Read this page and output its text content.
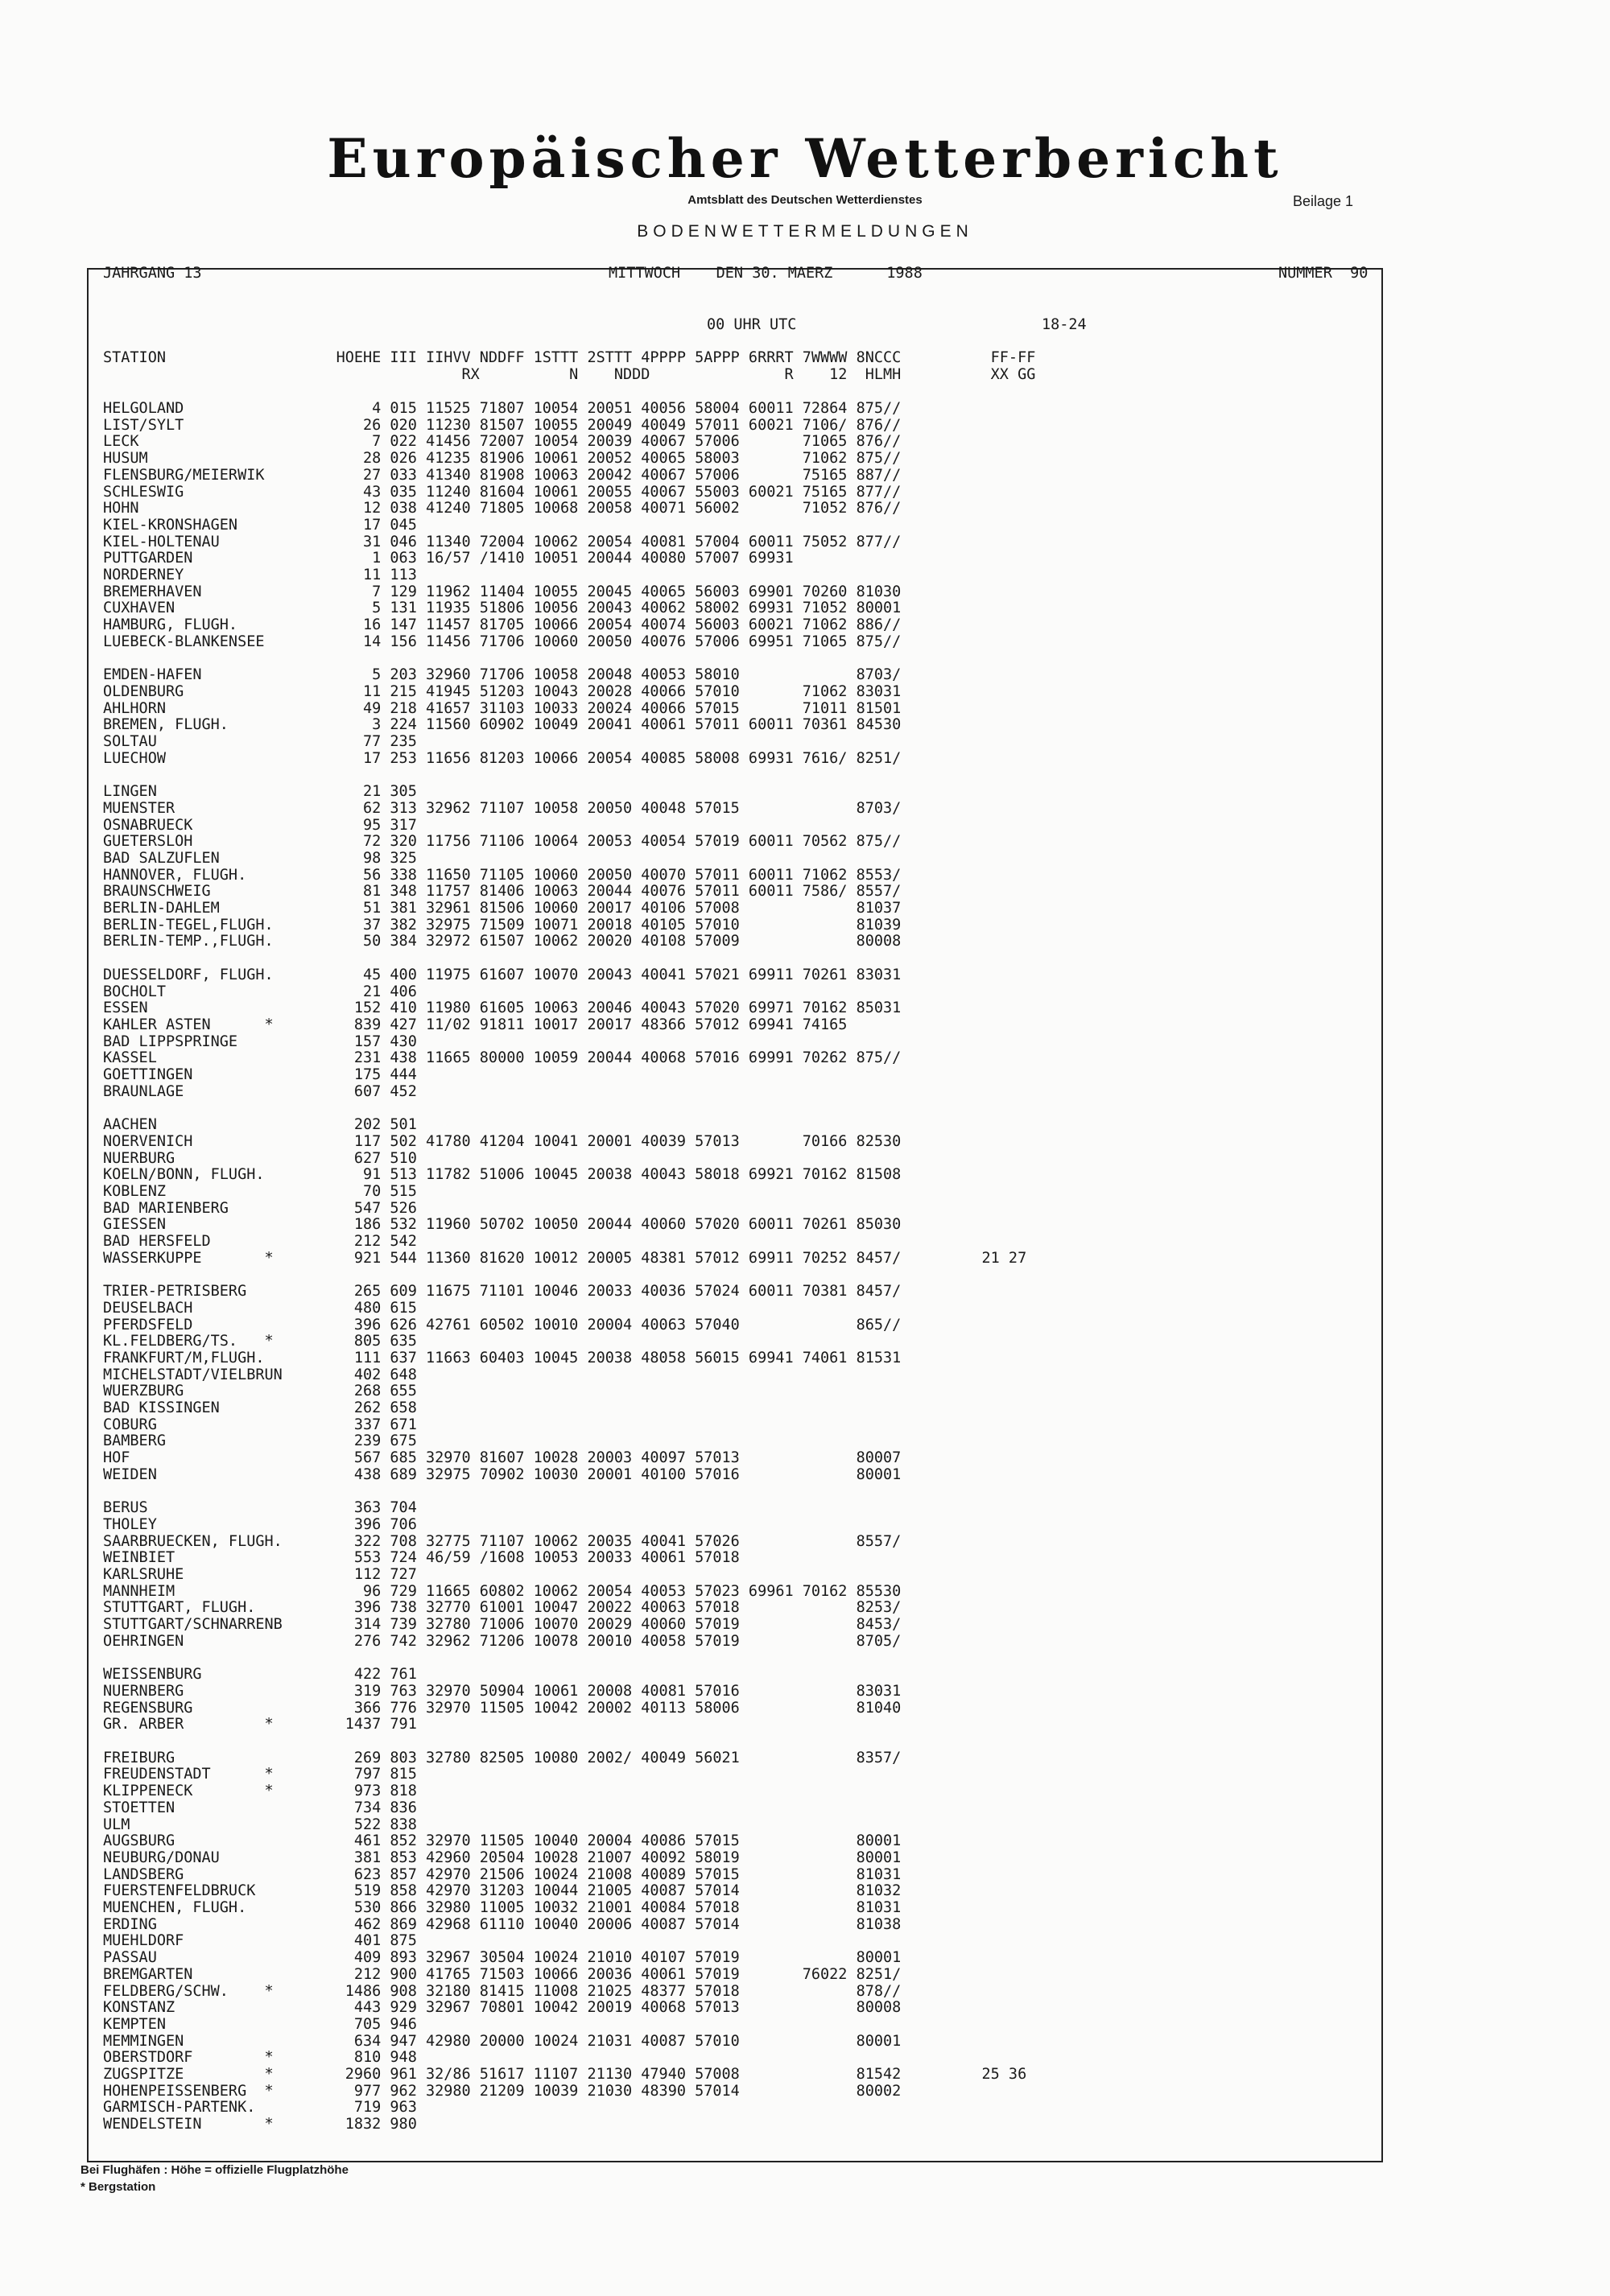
Europäischer Wetterbericht
Amtsblatt des Deutschen Wetterdienstes	Beilage 1
BODENWETTERMELDUNGEN
JAHRGANG 13	MITTWOCH    DEN 30. MAERZ      1988	NUMMER  90
00 UHR UTC	18-24
STATION                   HOEHE III IIHVV NDDFF 1STTT 2STTT 4PPPP 5APPP 6RRRT 7WWWW 8NCCC          FF-FF
RX          N    NDDD               R    12  HLMH          XX GG
HELGOLAND                     4 015 11525 71807 10054 20051 40056 58004 60011 72864 875//
LIST/SYLT                    26 020 11230 81507 10055 20049 40049 57011 60021 7106/ 876//
LECK                          7 022 41456 72007 10054 20039 40067 57006       71065 876//
HUSUM                        28 026 41235 81906 10061 20052 40065 58003       71062 875//
FLENSBURG/MEIERWIK           27 033 41340 81908 10063 20042 40067 57006       75165 887//
SCHLESWIG                    43 035 11240 81604 10061 20055 40067 55003 60021 75165 877//
HOHN                         12 038 41240 71805 10068 20058 40071 56002       71052 876//
KIEL-KRONSHAGEN              17 045
KIEL-HOLTENAU                31 046 11340 72004 10062 20054 40081 57004 60011 75052 877//
PUTTGARDEN                    1 063 16/57 /1410 10051 20044 40080 57007 69931
NORDERNEY                    11 113
BREMERHAVEN                   7 129 11962 11404 10055 20045 40065 56003 69901 70260 81030
CUXHAVEN                      5 131 11935 51806 10056 20043 40062 58002 69931 71052 80001
HAMBURG, FLUGH.              16 147 11457 81705 10066 20054 40074 56003 60021 71062 886//
LUEBECK-BLANKENSEE           14 156 11456 71706 10060 20050 40076 57006 69951 71065 875//
EMDEN-HAFEN                   5 203 32960 71706 10058 20048 40053 58010             8703/
OLDENBURG                    11 215 41945 51203 10043 20028 40066 57010       71062 83031
AHLHORN                      49 218 41657 31103 10033 20024 40066 57015       71011 81501
BREMEN, FLUGH.                3 224 11560 60902 10049 20041 40061 57011 60011 70361 84530
SOLTAU                       77 235
LUECHOW                      17 253 11656 81203 10066 20054 40085 58008 69931 7616/ 8251/
LINGEN                       21 305
MUENSTER                     62 313 32962 71107 10058 20050 40048 57015             8703/
OSNABRUECK                   95 317
GUETERSLOH                   72 320 11756 71106 10064 20053 40054 57019 60011 70562 875//
BAD SALZUFLEN                98 325
HANNOVER, FLUGH.             56 338 11650 71105 10060 20050 40070 57011 60011 71062 8553/
BRAUNSCHWEIG                 81 348 11757 81406 10063 20044 40076 57011 60011 7586/ 8557/
BERLIN-DAHLEM                51 381 32961 81506 10060 20017 40106 57008             81037
BERLIN-TEGEL,FLUGH.          37 382 32975 71509 10071 20018 40105 57010             81039
BERLIN-TEMP.,FLUGH.          50 384 32972 61507 10062 20020 40108 57009             80008
DUESSELDORF, FLUGH.          45 400 11975 61607 10070 20043 40041 57021 69911 70261 83031
BOCHOLT                      21 406
ESSEN                       152 410 11980 61605 10063 20046 40043 57020 69971 70162 85031
KAHLER ASTEN      *         839 427 11/02 91811 10017 20017 48366 57012 69941 74165
BAD LIPPSPRINGE             157 430
KASSEL                      231 438 11665 80000 10059 20044 40068 57016 69991 70262 875//
GOETTINGEN                  175 444
BRAUNLAGE                   607 452
AACHEN                      202 501
NOERVENICH                  117 502 41780 41204 10041 20001 40039 57013       70166 82530
NUERBURG                    627 510
KOELN/BONN, FLUGH.           91 513 11782 51006 10045 20038 40043 58018 69921 70162 81508
KOBLENZ                      70 515
BAD MARIENBERG              547 526
GIESSEN                     186 532 11960 50702 10050 20044 40060 57020 60011 70261 85030
BAD HERSFELD                212 542
WASSERKUPPE       *         921 544 11360 81620 10012 20005 48381 57012 69911 70252 8457/         21 27
TRIER-PETRISBERG            265 609 11675 71101 10046 20033 40036 57024 60011 70381 8457/
DEUSELBACH                  480 615
PFERDSFELD                  396 626 42761 60502 10010 20004 40063 57040             865//
KL.FELDBERG/TS.   *         805 635
FRANKFURT/M,FLUGH.          111 637 11663 60403 10045 20038 48058 56015 69941 74061 81531
MICHELSTADT/VIELBRUN        402 648
WUERZBURG                   268 655
BAD KISSINGEN               262 658
COBURG                      337 671
BAMBERG                     239 675
HOF                         567 685 32970 81607 10028 20003 40097 57013             80007
WEIDEN                      438 689 32975 70902 10030 20001 40100 57016             80001
BERUS                       363 704
THOLEY                      396 706
SAARBRUECKEN, FLUGH.        322 708 32775 71107 10062 20035 40041 57026             8557/
WEINBIET                    553 724 46/59 /1608 10053 20033 40061 57018
KARLSRUHE                   112 727
MANNHEIM                     96 729 11665 60802 10062 20054 40053 57023 69961 70162 85530
STUTTGART, FLUGH.           396 738 32770 61001 10047 20022 40063 57018             8253/
STUTTGART/SCHNARRENB        314 739 32780 71006 10070 20029 40060 57019             8453/
OEHRINGEN                   276 742 32962 71206 10078 20010 40058 57019             8705/
WEISSENBURG                 422 761
NUERNBERG                   319 763 32970 50904 10061 20008 40081 57016             83031
REGENSBURG                  366 776 32970 11505 10042 20002 40113 58006             81040
GR. ARBER         *        1437 791
FREIBURG                    269 803 32780 82505 10080 2002/ 40049 56021             8357/
FREUDENSTADT      *         797 815
KLIPPENECK        *         973 818
STOETTEN                    734 836
ULM                         522 838
AUGSBURG                    461 852 32970 11505 10040 20004 40086 57015             80001
NEUBURG/DONAU               381 853 42960 20504 10028 21007 40092 58019             80001
LANDSBERG                   623 857 42970 21506 10024 21008 40089 57015             81031
FUERSTENFELDBRUCK           519 858 42970 31203 10044 21005 40087 57014             81032
MUENCHEN, FLUGH.            530 866 32980 11005 10032 21001 40084 57018             81031
ERDING                      462 869 42968 61110 10040 20006 40087 57014             81038
MUEHLDORF                   401 875
PASSAU                      409 893 32967 30504 10024 21010 40107 57019             80001
BREMGARTEN                  212 900 41765 71503 10066 20036 40061 57019       76022 8251/
FELDBERG/SCHW.    *        1486 908 32180 81415 11008 21025 48377 57018             878//
KONSTANZ                    443 929 32967 70801 10042 20019 40068 57013             80008
KEMPTEN                     705 946
MEMMINGEN                   634 947 42980 20000 10024 21031 40087 57010             80001
OBERSTDORF        *         810 948
ZUGSPITZE         *        2960 961 32/86 51617 11107 21130 47940 57008             81542         25 36
HOHENPEISSENBERG  *         977 962 32980 21209 10039 21030 48390 57014             80002
GARMISCH-PARTENK.           719 963
WENDELSTEIN       *        1832 980
Bei Flughäfen : Höhe = offizielle Flugplatzhöhe
* Bergstation
